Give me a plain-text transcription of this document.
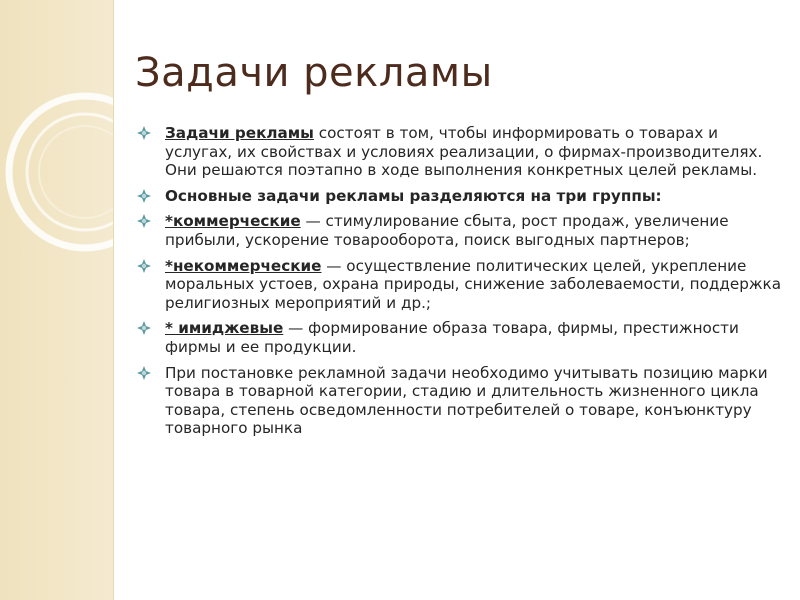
Задачи рекламы
Задачи рекламы состоят в том, чтобы информировать о товарах и услугах, их свойствах и условиях реализации, о фирмах-производителях. Они решаются поэтапно в ходе выполнения конкретных целей рекламы.
Основные задачи рекламы разделяются на три группы:
*коммерческие — стимулирование сбыта, рост продаж, увеличение прибыли, ускорение товарооборота, поиск выгодных партнеров;
*некоммерческие — осуществление политических целей, укрепление моральных устоев, охрана природы, снижение заболеваемости, поддержка религиозных мероприятий и др.;
* имиджевые — формирование образа товара, фирмы, престижности фирмы и ее продукции.
При постановке рекламной задачи необходимо учитывать позицию марки товара в товарной категории, стадию и длительность жизненного цикла товара, степень осведомленности потребителей о товаре, конъюнктуру товарного рынка
